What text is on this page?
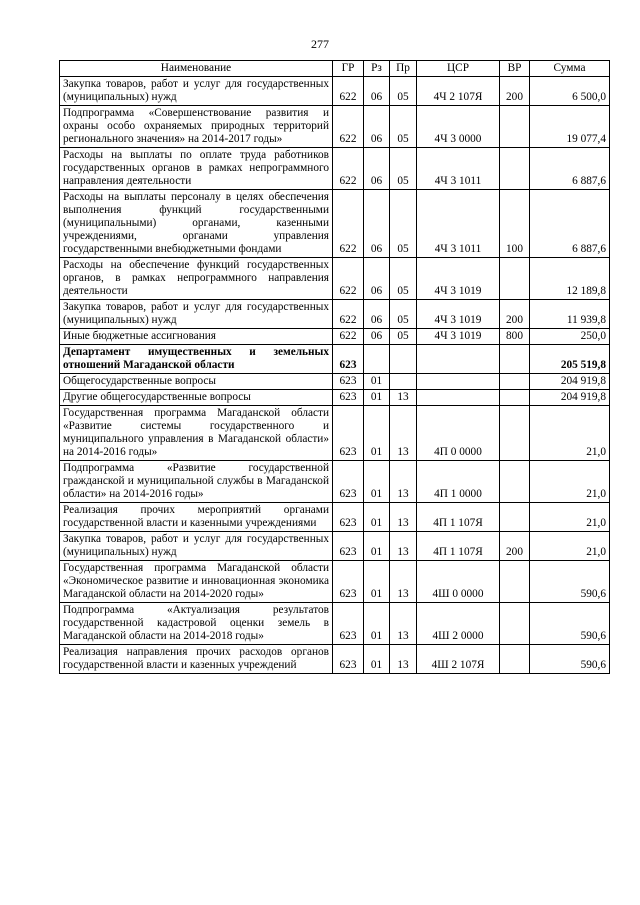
277
Наименование	ГР	Рз	Пр	ЦСР	ВР	Сумма
Закупка товаров, работ и услуг для государственных (муниципальных) нужд	622	06	05	4Ч 2 107Я	200	6 500,0
Подпрограмма «Совершенствование развития и охраны особо охраняемых природных территорий регионального значения» на 2014-2017 годы»	622	06	05	4Ч 3 0000		19 077,4
Расходы на выплаты по оплате труда работников государственных органов в рамках непрограммного направления деятельности	622	06	05	4Ч 3 1011		6 887,6
Расходы на выплаты персоналу в целях обеспечения выполнения функций государственными (муниципальными) органами, казенными учреждениями, органами управления государственными внебюджетными фондами	622	06	05	4Ч 3 1011	100	6 887,6
Расходы на обеспечение функций государственных органов, в рамках непрограммного направления деятельности	622	06	05	4Ч 3 1019		12 189,8
Закупка товаров, работ и услуг для государственных (муниципальных) нужд	622	06	05	4Ч 3 1019	200	11 939,8
Иные бюджетные ассигнования	622	06	05	4Ч 3 1019	800	250,0
Департамент имущественных и земельных отношений Магаданской области	623					205 519,8
Общегосударственные вопросы	623	01				204 919,8
Другие общегосударственные вопросы	623	01	13			204 919,8
Государственная программа Магаданской области «Развитие системы государственного и муниципального управления в Магаданской области» на 2014-2016 годы»	623	01	13	4П 0 0000		21,0
Подпрограмма «Развитие государственной гражданской и муниципальной службы в Магаданской области» на 2014-2016 годы»	623	01	13	4П 1 0000		21,0
Реализация прочих мероприятий органами государственной власти и казенными учреждениями	623	01	13	4П 1 107Я		21,0
Закупка товаров, работ и услуг для государственных (муниципальных) нужд	623	01	13	4П 1 107Я	200	21,0
Государственная программа Магаданской области «Экономическое развитие и инновационная экономика Магаданской области на 2014-2020 годы»	623	01	13	4Ш 0 0000		590,6
Подпрограмма «Актуализация результатов государственной кадастровой оценки земель в Магаданской области на 2014-2018 годы»	623	01	13	4Ш 2 0000		590,6
Реализация направления прочих расходов органов государственной власти и казенных учреждений	623	01	13	4Ш 2 107Я		590,6
